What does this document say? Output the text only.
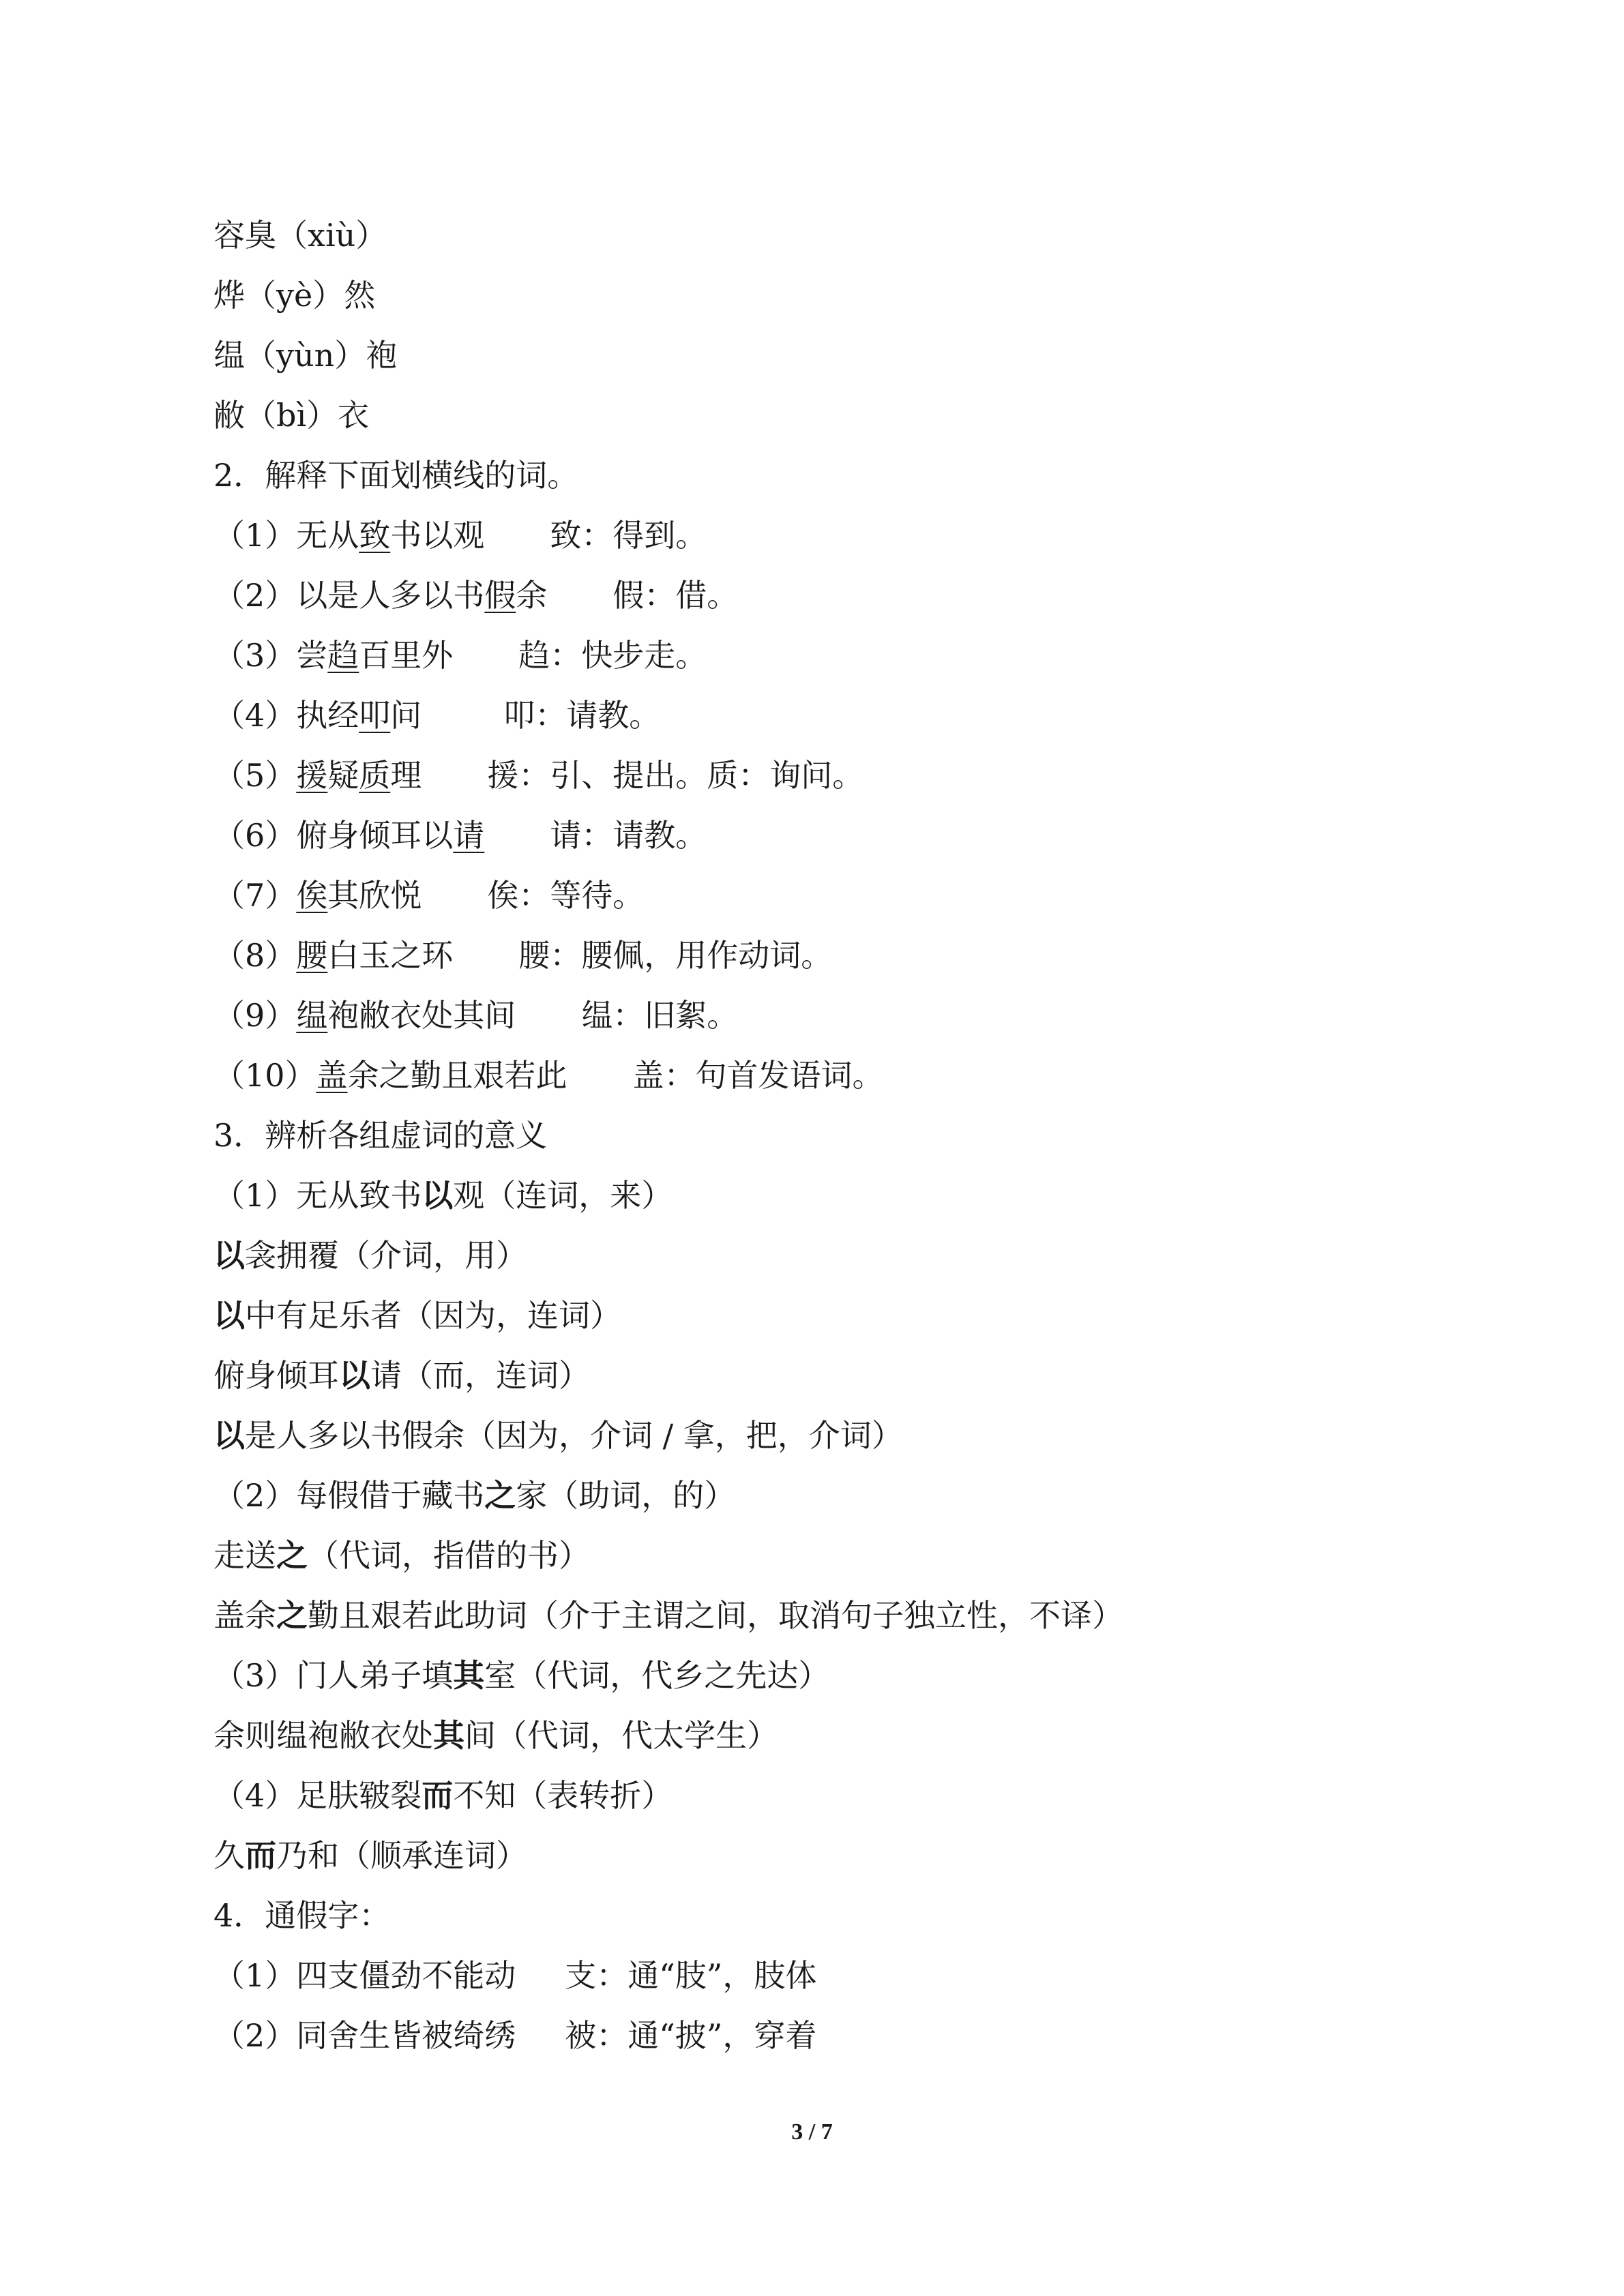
容臭（xiù）
烨（yè）然
缊（yùn）袍
敝（bì）衣
2．解释下面划横线的词。
（1）无从致书以观 致：得到。
（2）以是人多以书假余 假：借。
（3）尝趋百里外 趋：快步走。
（4）执经叩问	叩：请教。
（5）援疑质理 援：引、提出。质：询问。
（6）俯身倾耳以请 请：请教。
（7）俟其欣悦 俟：等待。
（8）腰白玉之环 腰：腰佩，用作动词。
（9）缊袍敝衣处其间 缊：旧絮。
（10）盖余之勤且艰若此 盖：句首发语词。
3．辨析各组虚词的意义
（1）无从致书以观（连词，来）
以衾拥覆（介词，用）
以中有足乐者（因为，连词）
俯身倾耳以请（而，连词）
以是人多以书假余（因为，介词 / 拿，把，介词）
（2）每假借于藏书之家（助词，的）
走送之（代词，指借的书）
盖余之勤且艰若此助词（介于主谓之间，取消句子独立性，不译）
（3）门人弟子填其室（代词，代乡之先达）
余则缊袍敝衣处其间（代词，代太学生）
（4）足肤皲裂而不知（表转折）
久而乃和（顺承连词）
4．通假字：
（1）四支僵劲不能动 支：通“肢”，肢体
（2）同舍生皆被绮绣 被：通“披”，穿着
3 / 7
